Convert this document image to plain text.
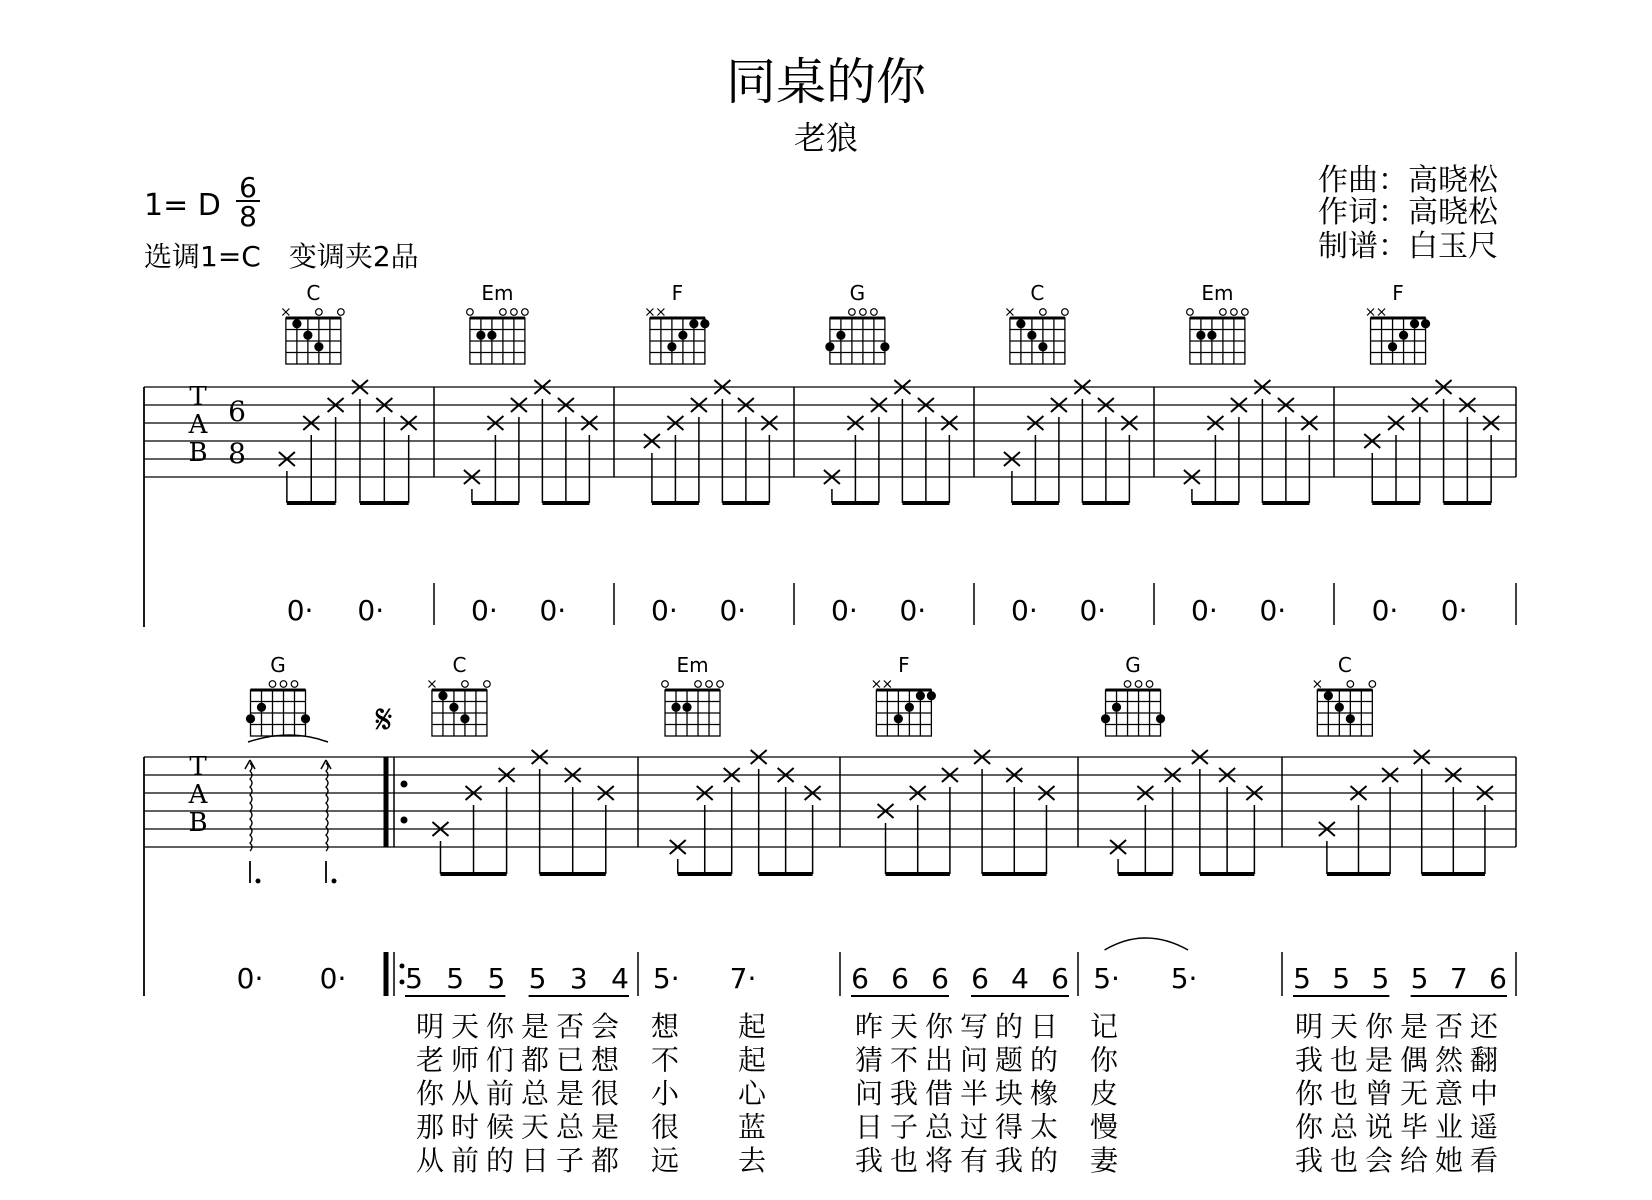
同桌的你
老狼
1= D
选调1=C　变调夹2品
作曲：高晓松
作词：高晓松
制谱：白玉尺
6
8
T
A
B
6
8
0· 0·	0· 0·	0· 0·	0· 0·	0· 0·	0· 0·	0· 0·
C	Em	F	G	C	Em	F
T
A
B
0· 0·
𝄋
5 5 5 5 3 4 5· 7·	6 6 6 6 4 6 5· 5·	5 5 5 5 7 6
G	C	Em	F	G	C
明天你是否会 想 起	昨天你写的日 记	明天你是否还
老师们都已想 不 起	猜不出问题的 你	我也是偶然翻
你从前总是很 小 心	问我借半块橡 皮	你也曾无意中
那时候天总是 很 蓝	日子总过得太 慢	你总说毕业遥
从前的日子都 远 去	我也将有我的 妻	我也会给她看
